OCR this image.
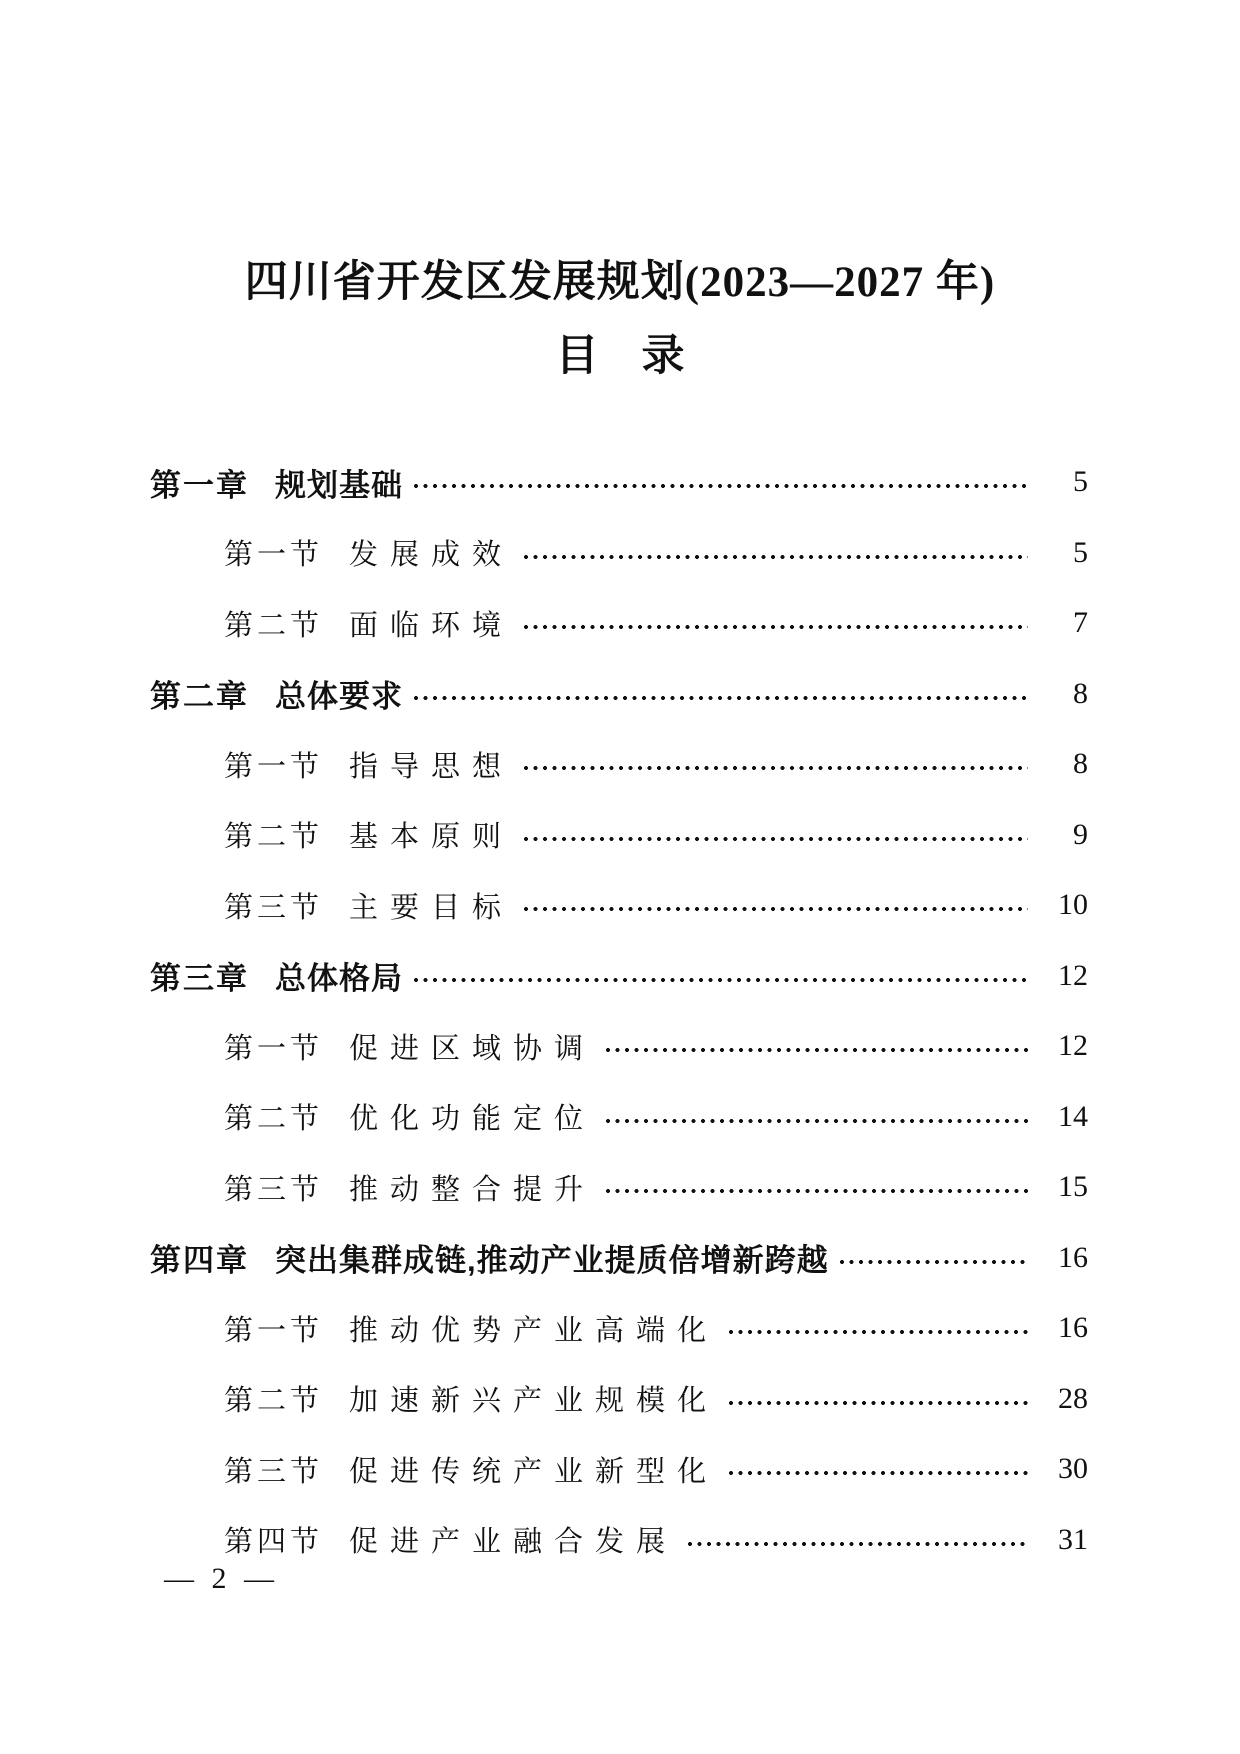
四川省开发区发展规划(2023—2027 年)
目　录
第一章 规划基础	5
第一节 发展成效	5
第二节 面临环境	7
第二章 总体要求	8
第一节 指导思想	8
第二节 基本原则	9
第三节 主要目标	10
第三章 总体格局	12
第一节 促进区域协调	12
第二节 优化功能定位	14
第三节 推动整合提升	15
第四章 突出集群成链,推动产业提质倍增新跨越	16
第一节 推动优势产业高端化	16
第二节 加速新兴产业规模化	28
第三节 促进传统产业新型化	30
第四节 促进产业融合发展	31
— 2 —
